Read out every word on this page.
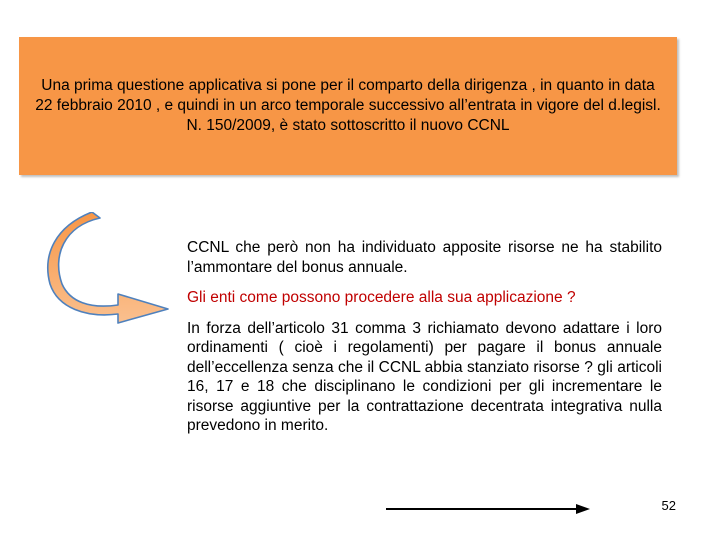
Una prima questione applicativa si pone per il comparto della dirigenza , in quanto in data 22 febbraio 2010 , e quindi in un arco temporale successivo all’entrata in vigore del d.legisl. N. 150/2009, è stato sottoscritto il nuovo CCNL

CCNL che però non ha individuato apposite risorse ne ha stabilito l’ammontare del bonus annuale.

Gli enti come possono procedere alla sua applicazione ?

In forza dell’articolo 31 comma 3 richiamato devono adattare i loro ordinamenti ( cioè i regolamenti) per pagare il bonus annuale dell’eccellenza senza che il CCNL abbia stanziato risorse ? gli articoli 16, 17 e 18 che disciplinano le condizioni per gli incrementare le risorse aggiuntive per la contrattazione decentrata integrativa nulla prevedono in merito.

52
